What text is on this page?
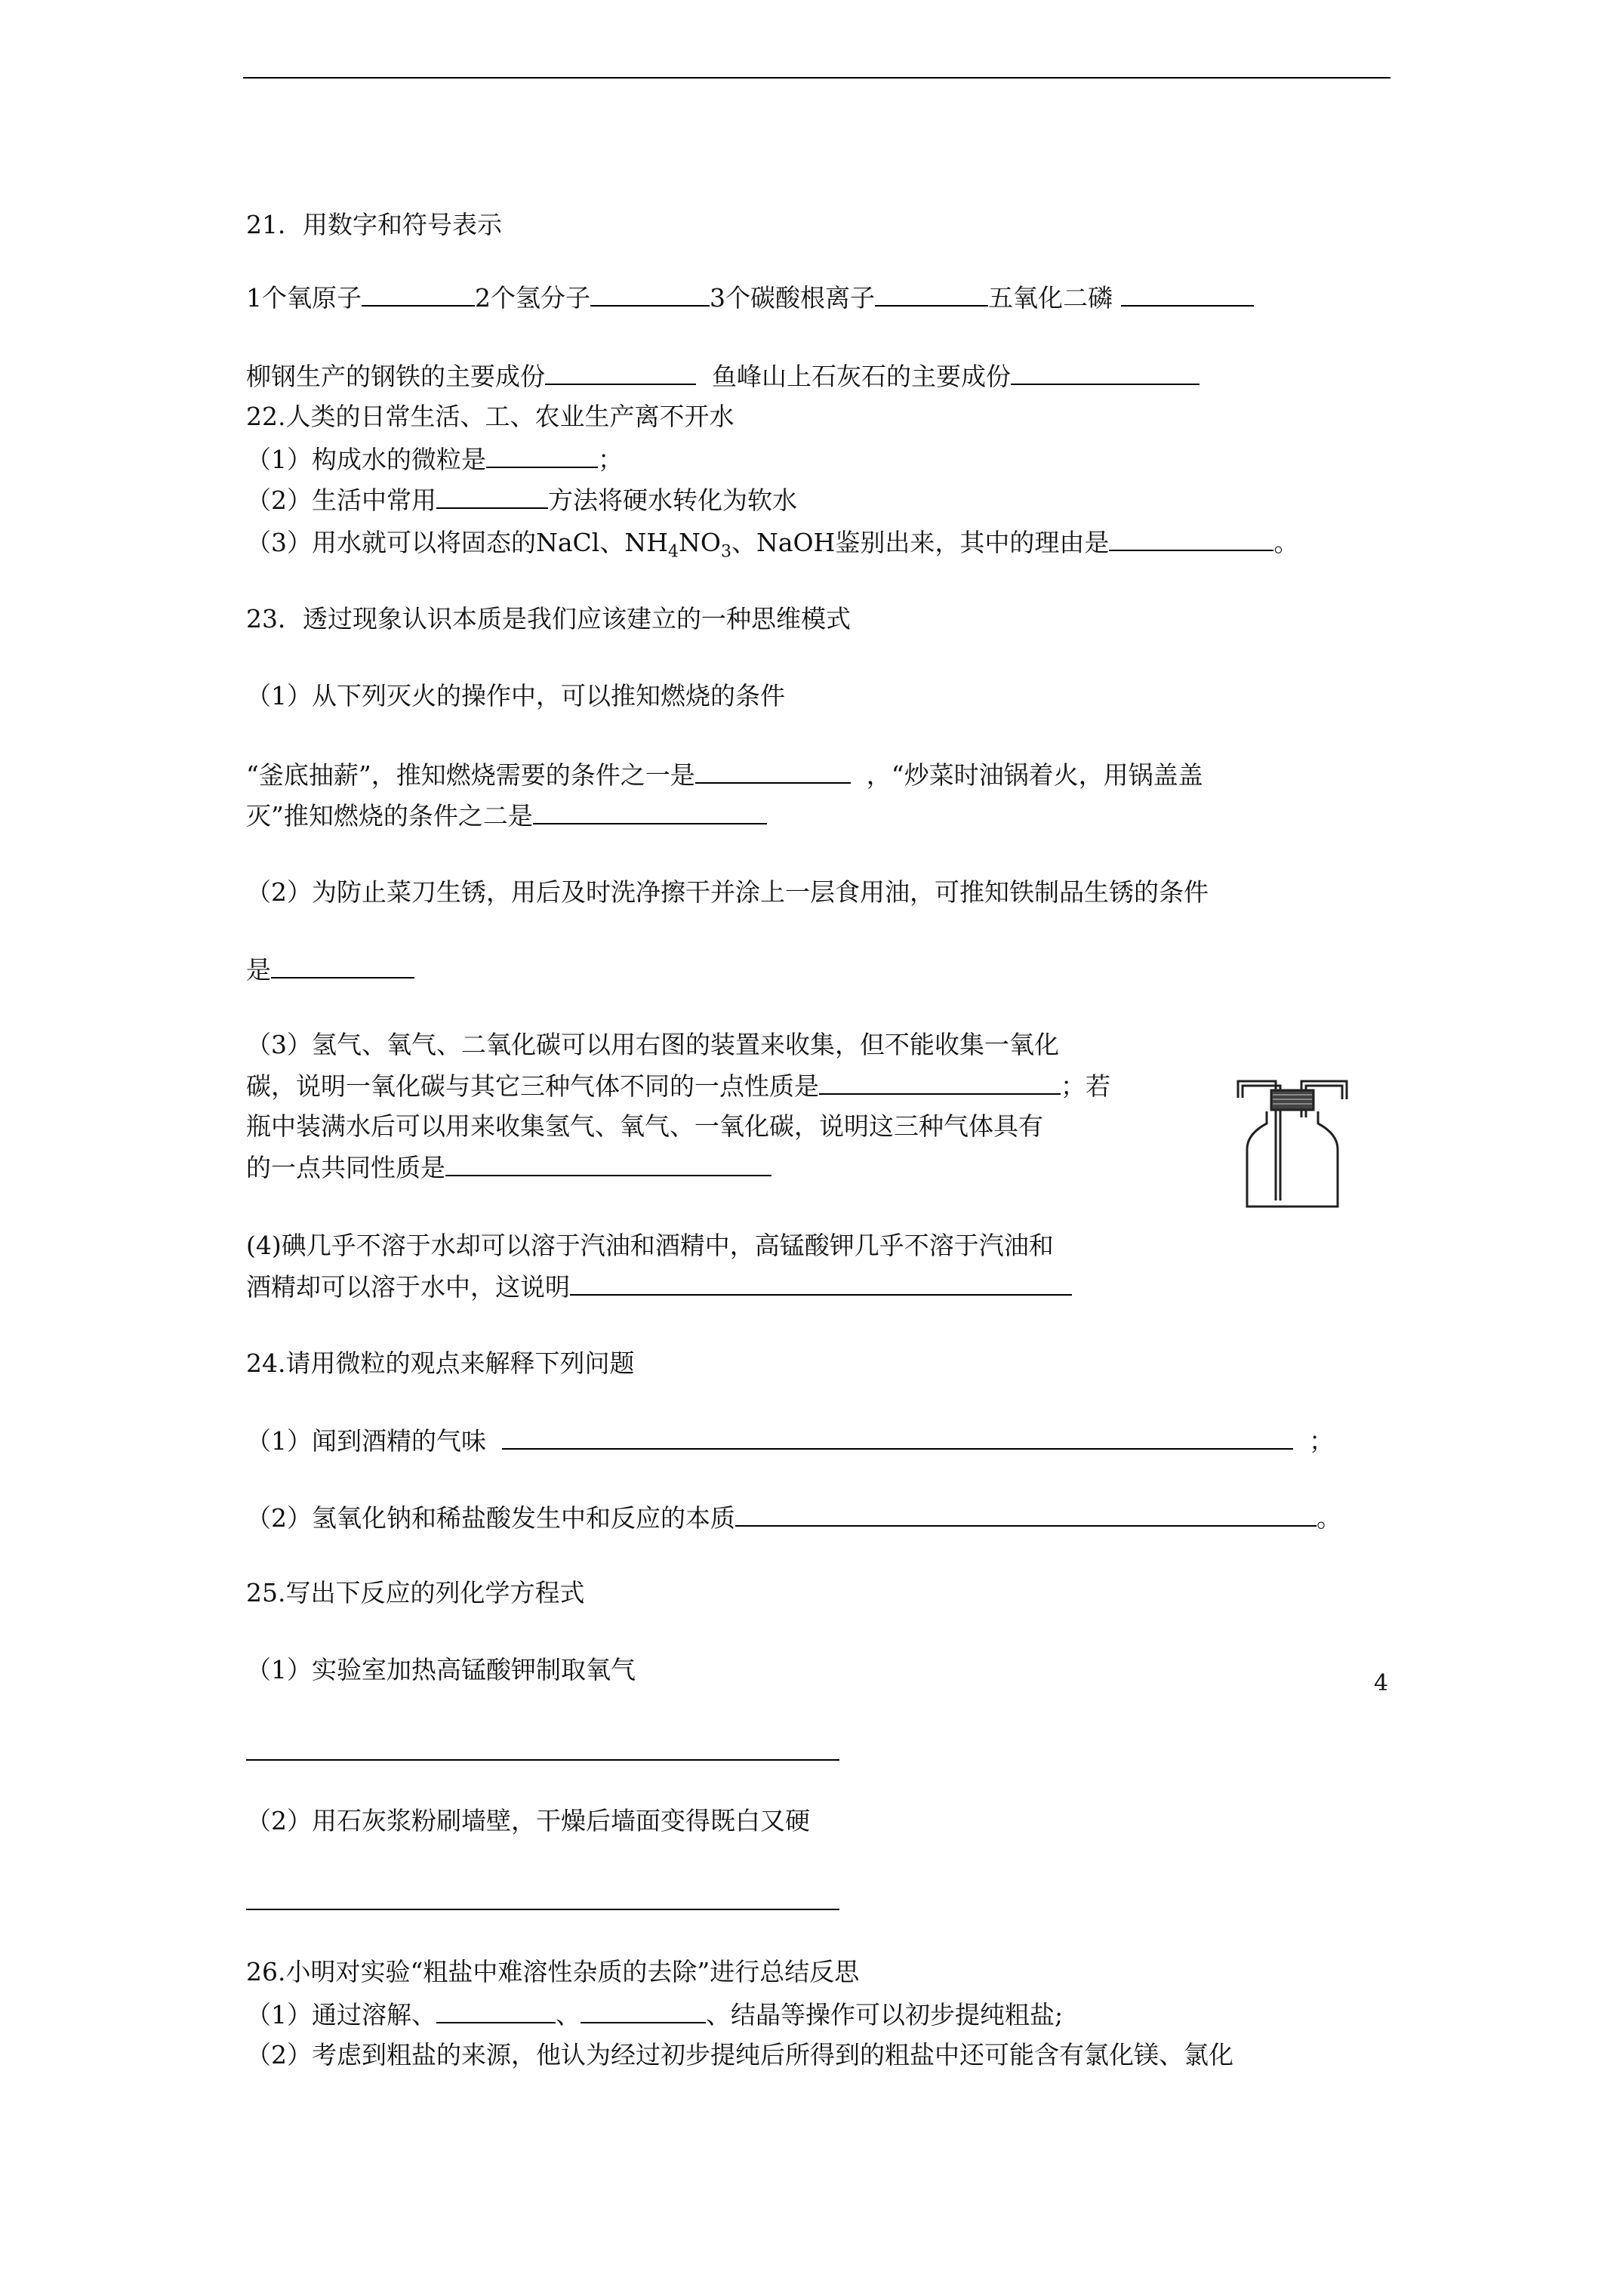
21．用数字和符号表示
1个氧原子	2个氢分子	3个碳酸根离子	五氧化二磷
柳钢生产的钢铁的主要成份	鱼峰山上石灰石的主要成份
22.人类的日常生活、工、农业生产离不开水
（1）构成水的微粒是	；
（2）生活中常用	方法将硬水转化为软水
（3）用水就可以将固态的NaCl、$NH_4NO_3$、NaOH鉴别出来，其中的理由是	。
23．透过现象认识本质是我们应该建立的一种思维模式
（1）从下列灭火的操作中，可以推知燃烧的条件
“釜底抽薪”，推知燃烧需要的条件之一是	，“炒菜时油锅着火，用锅盖盖
灭”推知燃烧的条件之二是
（2）为防止菜刀生锈，用后及时洗净擦干并涂上一层食用油，可推知铁制品生锈的条件
是
（3）氢气、氧气、二氧化碳可以用右图的装置来收集，但不能收集一氧化
碳，说明一氧化碳与其它三种气体不同的一点性质是	；若
瓶中装满水后可以用来收集氢气、氧气、一氧化碳，说明这三种气体具有
的一点共同性质是
(4)碘几乎不溶于水却可以溶于汽油和酒精中，高锰酸钾几乎不溶于汽油和
酒精却可以溶于水中，这说明
24.请用微粒的观点来解释下列问题
（1）闻到酒精的气味	；
（2）氢氧化钠和稀盐酸发生中和反应的本质	。
25.写出下反应的列化学方程式
（1）实验室加热高锰酸钾制取氧气
（2）用石灰浆粉刷墙壁，干燥后墙面变得既白又硬
26.小明对实验“粗盐中难溶性杂质的去除”进行总结反思
（1）通过溶解、	、	、结晶等操作可以初步提纯粗盐;
（2）考虑到粗盐的来源，他认为经过初步提纯后所得到的粗盐中还可能含有氯化镁、氯化
4
